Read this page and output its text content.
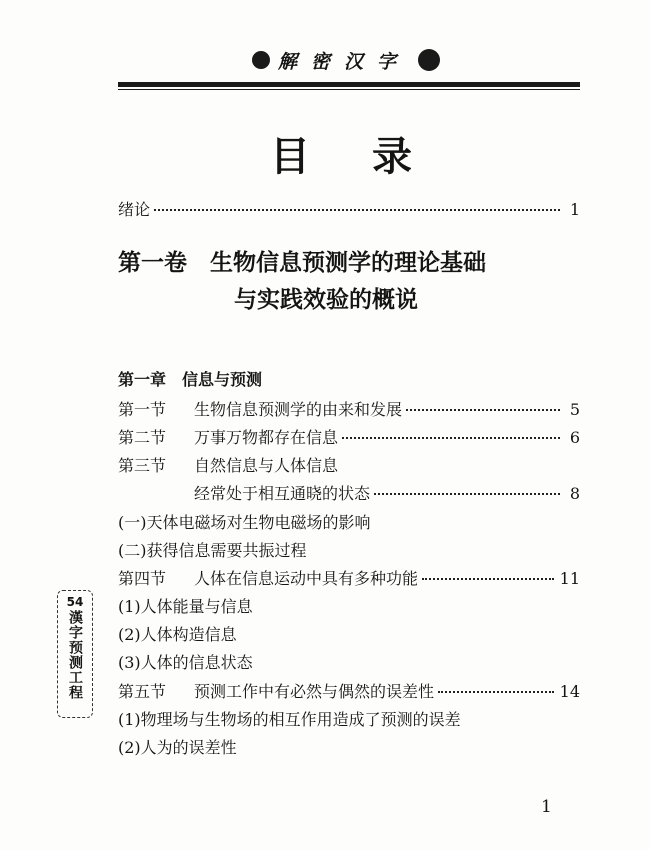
解密汉字
目录
绪论	1
第一卷　生物信息预测学的理论基础
与实践效验的概说
第一章　信息与预测
第一节	生物信息预测学的由来和发展	5
第二节	万事万物都存在信息	6
第三节	自然信息与人体信息
经常处于相互通晓的状态	8
(一)天体电磁场对生物电磁场的影响
(二)获得信息需要共振过程
第四节	人体在信息运动中具有多种功能	11
(1)人体能量与信息
(2)人体构造信息
(3)人体的信息状态
第五节	预测工作中有必然与偶然的误差性	14
(1)物理场与生物场的相互作用造成了预测的误差
(2)人为的误差性
54
漢字预测工程
1
